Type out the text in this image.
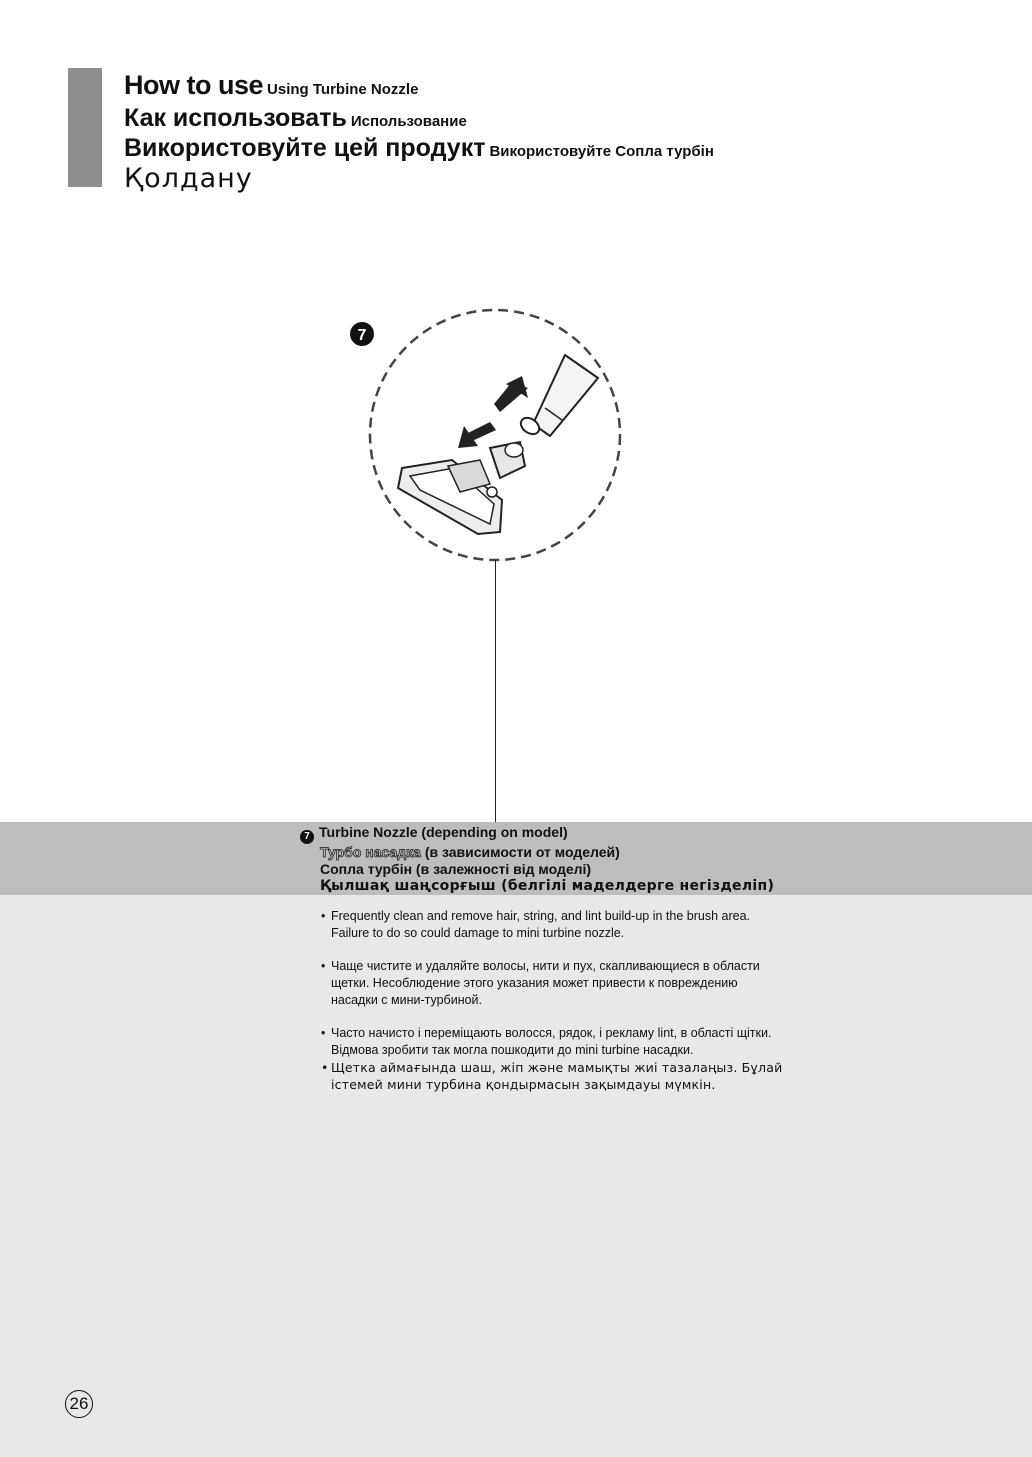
How to use Using Turbine Nozzle
Как использовать Использование
Використовуйте цей продукт Використовуйте Сопла турбін
Қолдану
7
7 Turbine Nozzle (depending on model)
Турбо насадка (в зависимости от моделей)
Сопла турбін (в залежності від моделі)
Қылшақ шаңсорғыш (белгілі маделдерге негізделіп)
• Frequently clean and remove hair, string, and lint build-up in the brush area.
Failure to do so could damage to mini turbine nozzle.
• Чаще чистите и удаляйте волосы, нити и пух, скапливающиеся в области
щетки. Несоблюдение этого указания может привести к повреждению
насадки с мини-турбиной.
• Часто начисто і переміщають волосся, рядок, і рекламу lint, в області щітки.
Відмова зробити так могла пошкодити до mini turbine насадки.
• Щетка аймағында шаш, жіп және мамықты жиі тазалаңыз. Бұлай
істемей мини турбина қондырмасын зақымдауы мүмкін.
26
